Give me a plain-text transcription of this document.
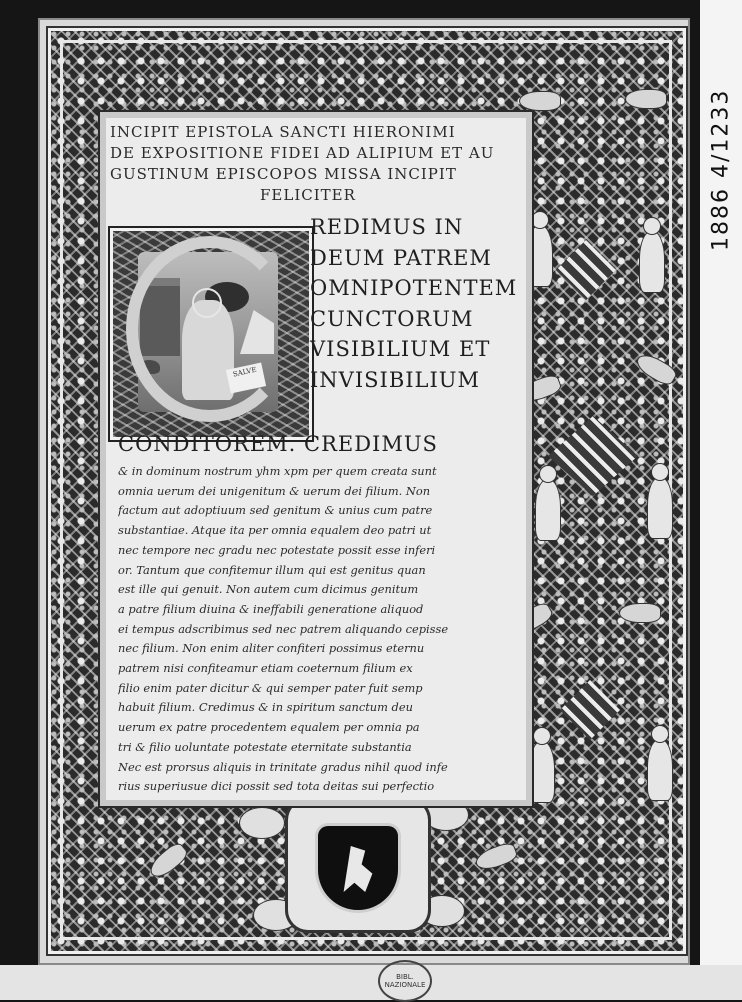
INCIPIT EPISTOLA SANCTI HIERONIMI
DE EXPOSITIONE FIDEI AD ALIPIUM ET AU
GUSTINUM EPISCOPOS MISSA INCIPIT
FELICITER
SALVE
REDIMUS IN
DEUM PATREM
OMNIPOTENTEM
CUNCTORUM
VISIBILIUM ET
INVISIBILIUM
CONDITOREM. CREDIMUS
& in dominum nostrum yhm xpm per quem creata sunt
omnia uerum dei unigenitum & uerum dei filium. Non
factum aut adoptiuum sed genitum & unius cum patre
substantiae. Atque ita per omnia equalem deo patri ut
nec tempore nec gradu nec potestate possit esse inferi
or. Tantum que confitemur illum qui est genitus quan
est ille qui genuit. Non autem cum dicimus genitum
a patre filium diuina & ineffabili generatione aliquod
ei tempus adscribimus sed nec patrem aliquando cepisse
nec filium. Non enim aliter confiteri possimus eternu
patrem nisi confiteamur etiam coeternum filium ex
filio enim pater dicitur & qui semper pater fuit semp
habuit filium. Credimus & in spiritum sanctum deu
uerum ex patre procedentem equalem per omnia pa
tri & filio uoluntate potestate eternitate substantia
Nec est prorsus aliquis in trinitate gradus nihil quod infe
rius superiusue dici possit sed tota deitas sui perfectio
1886 4/1233
BIBL. NAZIONALE
